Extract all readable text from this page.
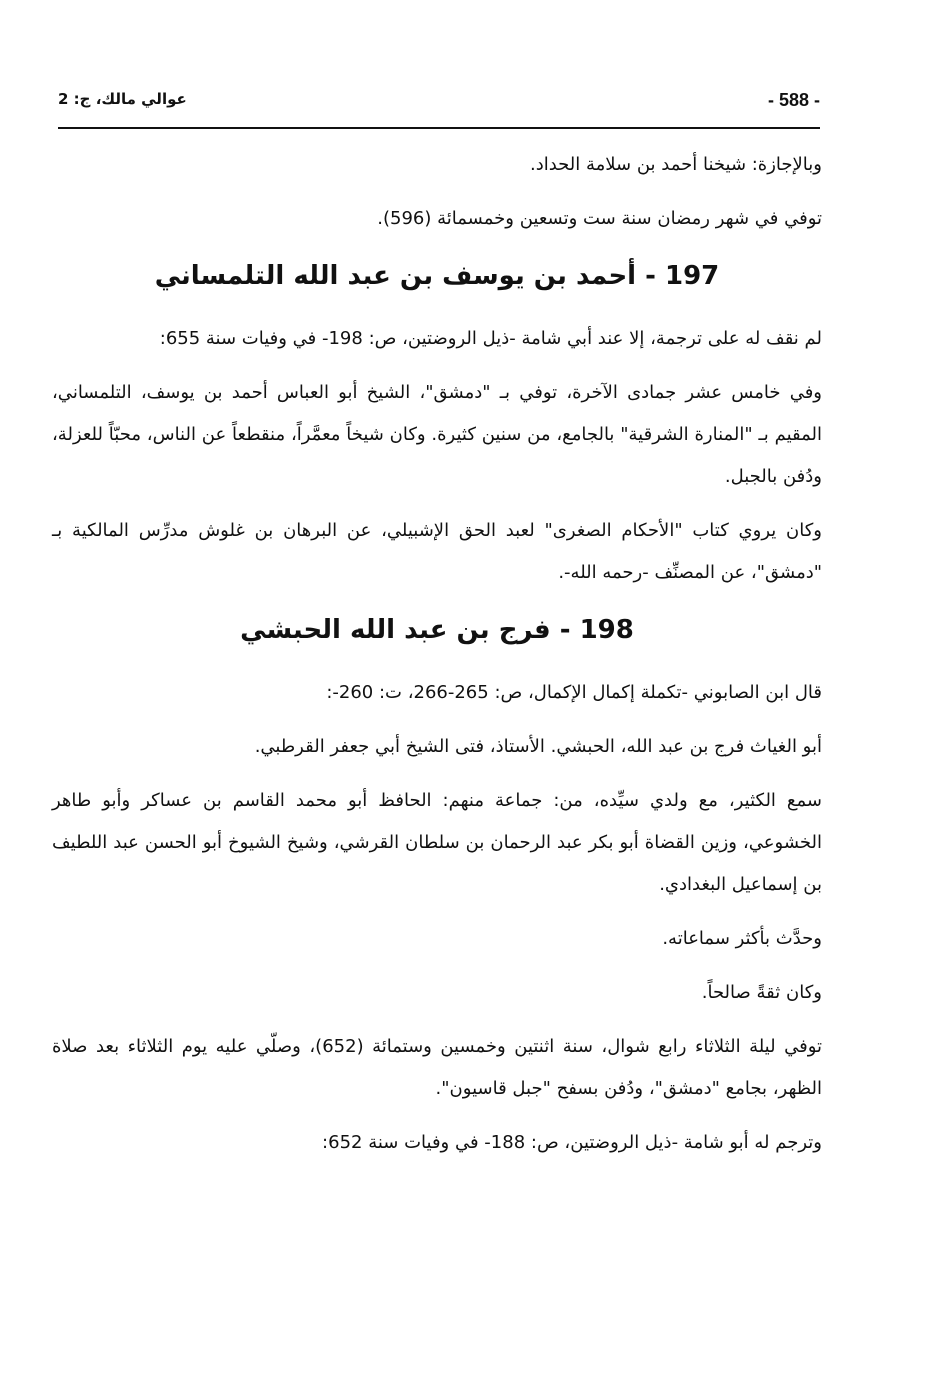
- 588 -
عوالي مالك، ج: 2

وبالإجازة: شيخنا أحمد بن سلامة الحداد.

توفي في شهر رمضان سنة ست وتسعين وخمسمائة (596).

197 - أحمد بن يوسف بن عبد الله التلمساني

لم نقف له على ترجمة، إلا عند أبي شامة -ذيل الروضتين، ص: 198- في وفيات سنة 655:

وفي خامس عشر جمادى الآخرة، توفي بـ "دمشق"، الشيخ أبو العباس أحمد بن يوسف، التلمساني، المقيم بـ "المنارة الشرقية" بالجامع، من سنين كثيرة. وكان شيخاً معمَّراً، منقطعاً عن الناس، محبّاً للعزلة، ودُفن بالجبل.

وكان يروي كتاب "الأحكام الصغرى" لعبد الحق الإشبيلي، عن البرهان بن غلوش مدرِّس المالكية بـ "دمشق"، عن المصنِّف -رحمه الله-.

198 - فرج بن عبد الله الحبشي

قال ابن الصابوني -تكملة إكمال الإكمال، ص: 265-266، ت: 260-:

أبو الغياث فرج بن عبد الله، الحبشي. الأستاذ، فتى الشيخ أبي جعفر القرطبي.

سمع الكثير، مع ولدي سيِّده، من: جماعة منهم: الحافظ أبو محمد القاسم بن عساكر وأبو طاهر الخشوعي، وزين القضاة أبو بكر عبد الرحمان بن سلطان القرشي، وشيخ الشيوخ أبو الحسن عبد اللطيف بن إسماعيل البغدادي.

وحدَّث بأكثر سماعاته.

وكان ثقةً صالحاً.

توفي ليلة الثلاثاء رابع شوال، سنة اثنتين وخمسين وستمائة (652)، وصلّي عليه يوم الثلاثاء بعد صلاة الظهر، بجامع "دمشق"، ودُفن بسفح "جبل قاسيون".

وترجم له أبو شامة -ذيل الروضتين، ص: 188- في وفيات سنة 652:
